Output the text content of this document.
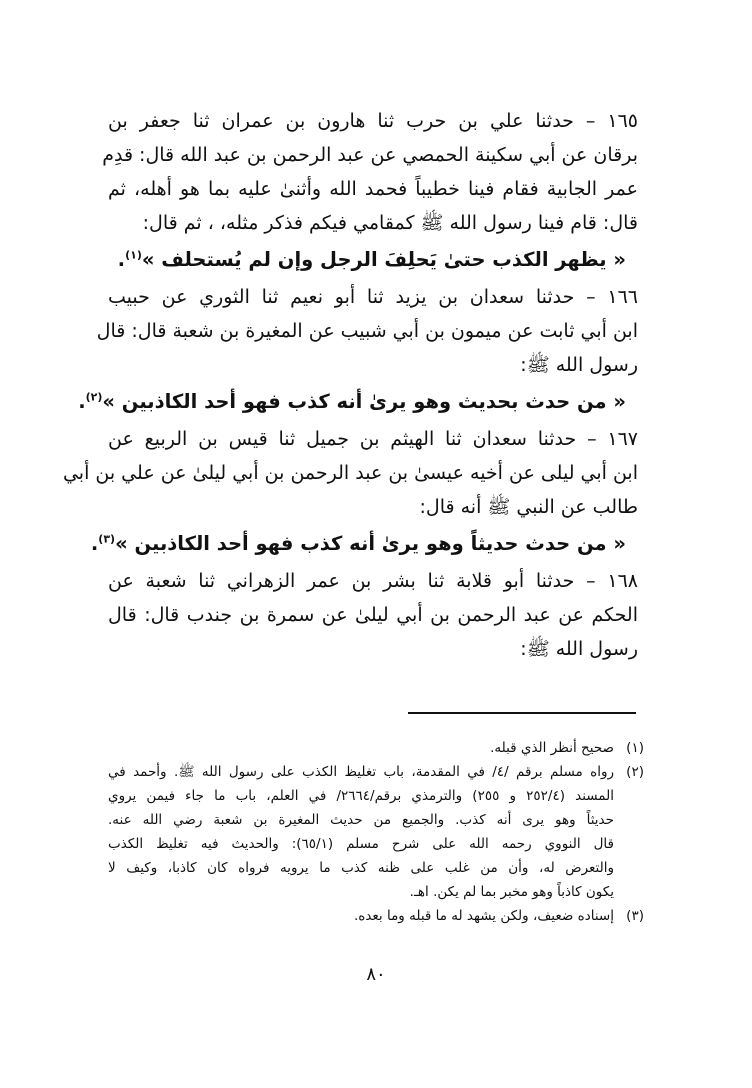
١٦٥ – حدثنا علي بن حرب ثنا هارون بن عمران ثنا جعفر بن
برقان عن أبي سكينة الحمصي عن عبد الرحمن بن عبد الله قال: قدِم
عمر الجابية فقام فينا خطيباً فحمد الله وأثنىٰ عليه بما هو أهله، ثم
قال: قام فينا رسول الله ﷺ كمقامي فيكم فذكر مثله، ، ثم قال:
« يظهر الكذب حتىٰ يَحلِفَ الرجل وإن لم يُستحلف »$^{(١)}$.
١٦٦ – حدثنا سعدان بن يزيد ثنا أبو نعيم ثنا الثوري عن حبيب
ابن أبي ثابت عن ميمون بن أبي شبيب عن المغيرة بن شعبة قال: قال
رسول الله ﷺ:
« من حدث بحديث وهو يرىٰ أنه كذب فهو أحد الكاذبين »$^{(٢)}$.
١٦٧ – حدثنا سعدان ثنا الهيثم بن جميل ثنا قيس بن الربيع عن
ابن أبي ليلى عن أخيه عيسىٰ بن عبد الرحمن بن أبي ليلىٰ عن علي بن أبي
طالب عن النبي ﷺ أنه قال:
« من حدث حديثاً وهو يرىٰ أنه كذب فهو أحد الكاذبين »$^{(٣)}$.
١٦٨ – حدثنا أبو قلابة ثنا بشر بن عمر الزهراني ثنا شعبة عن
الحكم عن عبد الرحمن بن أبي ليلىٰ عن سمرة بن جندب قال: قال
رسول الله ﷺ:
(١)
صحيح أنظر الذي قبله.
(٢)
رواه مسلم برقم /٤/ في المقدمة، باب تغليظ الكذب على رسول الله ﷺ. وأحمد في
المسند (٢٥٢/٤ و ٢٥٥) والترمذي برقم/٢٦٦٤/ في العلم، باب ما جاء فيمن يروي
حديثاً وهو يرى أنه كذب. والجميع من حديث المغيرة بن شعبة رضي الله عنه.
قال النووي رحمه الله على شرح مسلم (٦٥/١): والحديث فيه تغليظ الكذب
والتعرض له، وأن من غلب على ظنه كذب ما يرويه فرواه كان كاذبا، وكيف لا
يكون كاذباً وهو مخبر بما لم يكن. اهـ.
(٣)
إسناده ضعيف، ولكن يشهد له ما قبله وما بعده.
٨٠
